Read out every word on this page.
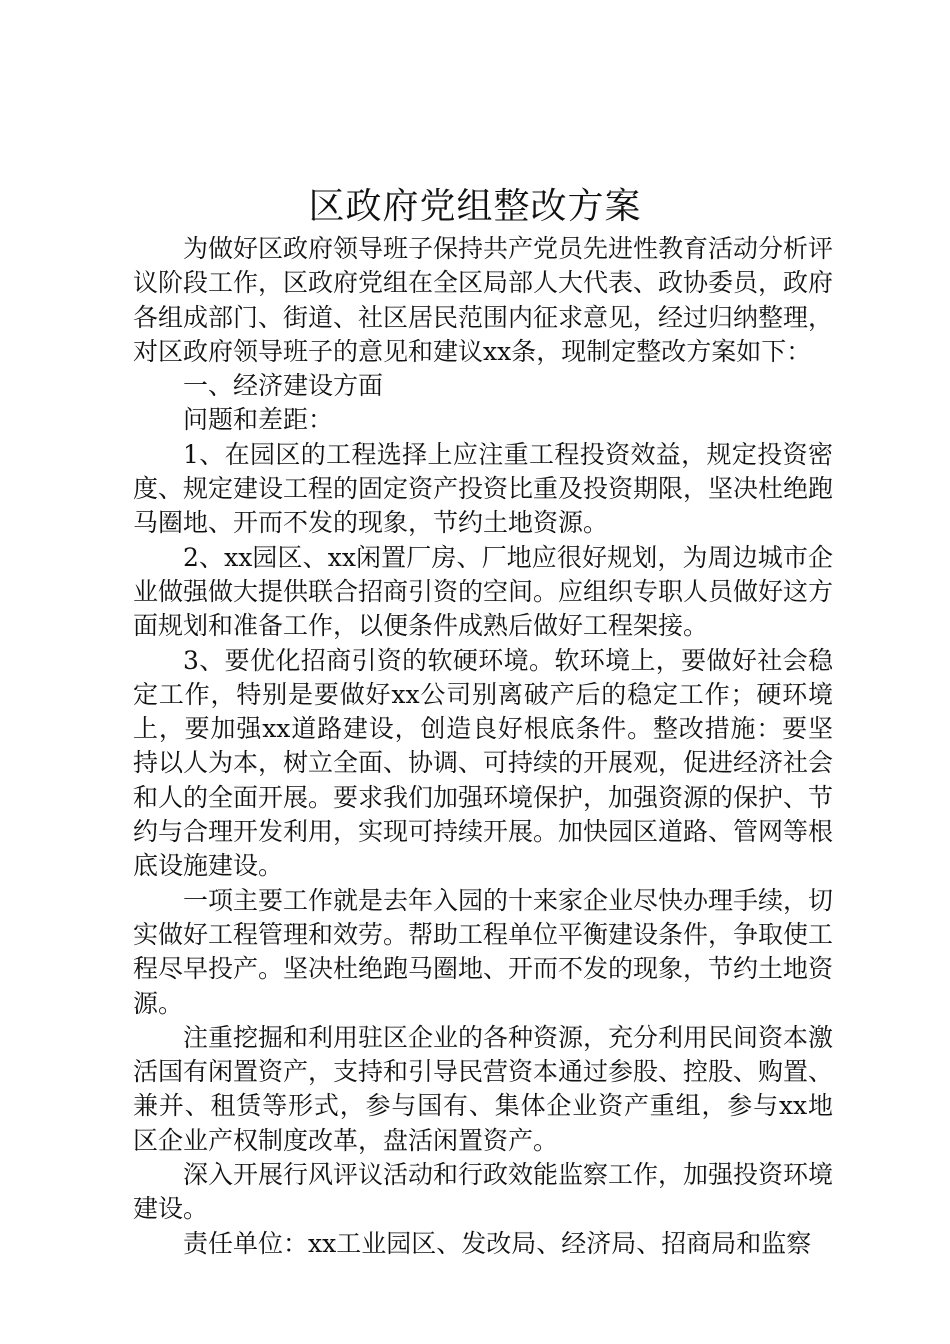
区政府党组整改方案

为做好区政府领导班子保持共产党员先进性教育活动分析评议阶段工作，区政府党组在全区局部人大代表、政协委员，政府各组成部门、街道、社区居民范围内征求意见，经过归纳整理，对区政府领导班子的意见和建议xx条，现制定整改方案如下：

一、经济建设方面

问题和差距：

1、在园区的工程选择上应注重工程投资效益，规定投资密度、规定建设工程的固定资产投资比重及投资期限，坚决杜绝跑马圈地、开而不发的现象，节约土地资源。

2、xx园区、xx闲置厂房、厂地应很好规划，为周边城市企业做强做大提供联合招商引资的空间。应组织专职人员做好这方面规划和准备工作，以便条件成熟后做好工程架接。

3、要优化招商引资的软硬环境。软环境上，要做好社会稳定工作，特别是要做好xx公司别离破产后的稳定工作；硬环境上，要加强xx道路建设，创造良好根底条件。整改措施：要坚持以人为本，树立全面、协调、可持续的开展观，促进经济社会和人的全面开展。要求我们加强环境保护，加强资源的保护、节约与合理开发利用，实现可持续开展。加快园区道路、管网等根底设施建设。

一项主要工作就是去年入园的十来家企业尽快办理手续，切实做好工程管理和效劳。帮助工程单位平衡建设条件，争取使工程尽早投产。坚决杜绝跑马圈地、开而不发的现象，节约土地资源。

注重挖掘和利用驻区企业的各种资源，充分利用民间资本激活国有闲置资产，支持和引导民营资本通过参股、控股、购置、兼并、租赁等形式，参与国有、集体企业资产重组，参与xx地区企业产权制度改革，盘活闲置资产。

深入开展行风评议活动和行政效能监察工作，加强投资环境建设。

责任单位：xx工业园区、发改局、经济局、招商局和监察
